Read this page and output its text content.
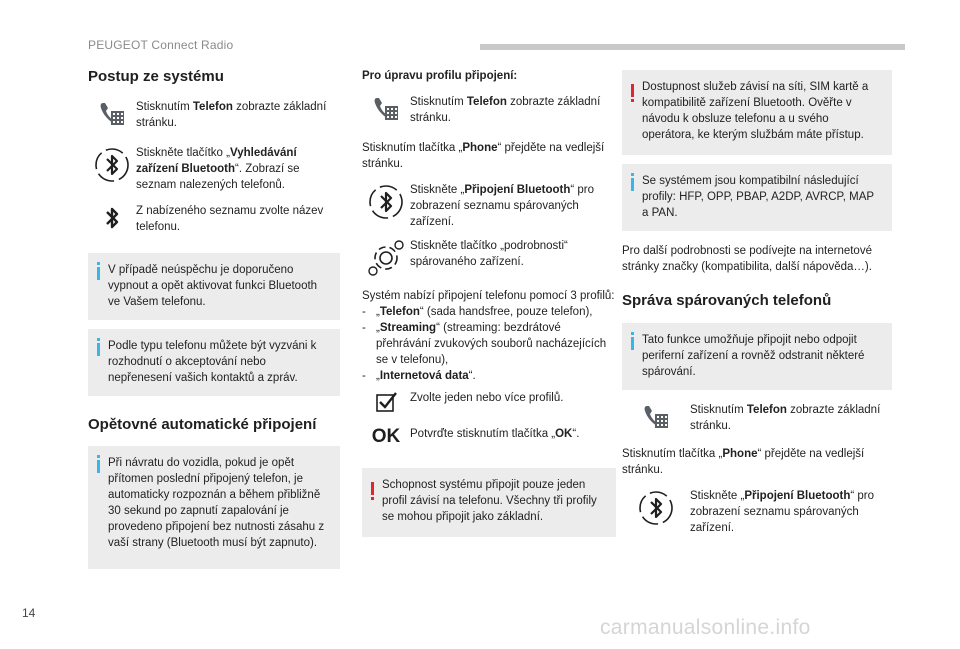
PEUGEOT Connect Radio
Postup ze systému
Stisknutím Telefon zobrazte základní stránku.
Stiskněte tlačítko „Vyhledávání zařízení Bluetooth“. Zobrazí se seznam nalezených telefonů.
Z nabízeného seznamu zvolte název telefonu.
V případě neúspěchu je doporučeno vypnout a opět aktivovat funkci Bluetooth ve Vašem telefonu.
Podle typu telefonu můžete být vyzváni k rozhodnutí o akceptování nebo nepřenesení vašich kontaktů a zpráv.
Opětovné automatické připojení
Při návratu do vozidla, pokud je opět přítomen poslední připojený telefon, je automaticky rozpoznán a během přibližně 30 sekund po zapnutí zapalování je provedeno připojení bez nutnosti zásahu z vaší strany (Bluetooth musí být zapnuto).
Pro úpravu profilu připojení:
Stisknutím Telefon zobrazte základní stránku.
Stisknutím tlačítka „Phone“ přejděte na vedlejší stránku.
Stiskněte „Připojení Bluetooth“ pro zobrazení seznamu spárovaných zařízení.
Stiskněte tlačítko „podrobnosti“ spárovaného zařízení.
Systém nabízí připojení telefonu pomocí 3 profilů:
- „Telefon“ (sada handsfree, pouze telefon),
- „Streaming“ (streaming: bezdrátové přehrávání zvukových souborů nacházejících se v telefonu),
- „Internetová data“.
Zvolte jeden nebo více profilů.
OK Potvrďte stisknutím tlačítka „OK“.
Schopnost systému připojit pouze jeden profil závisí na telefonu. Všechny tři profily se mohou připojit jako základní.
Dostupnost služeb závisí na síti, SIM kartě a kompatibilitě zařízení Bluetooth. Ověřte v návodu k obsluze telefonu a u svého operátora, ke kterým službám máte přístup.
Se systémem jsou kompatibilní následující profily: HFP, OPP, PBAP, A2DP, AVRCP, MAP a PAN.
Pro další podrobnosti se podívejte na internetové stránky značky (kompatibilita, další nápověda…).
Správa spárovaných telefonů
Tato funkce umožňuje připojit nebo odpojit periferní zařízení a rovněž odstranit některé spárování.
Stisknutím Telefon zobrazte základní stránku.
Stisknutím tlačítka „Phone“ přejděte na vedlejší stránku.
Stiskněte „Připojení Bluetooth“ pro zobrazení seznamu spárovaných zařízení.
14
carmanualsonline.info
